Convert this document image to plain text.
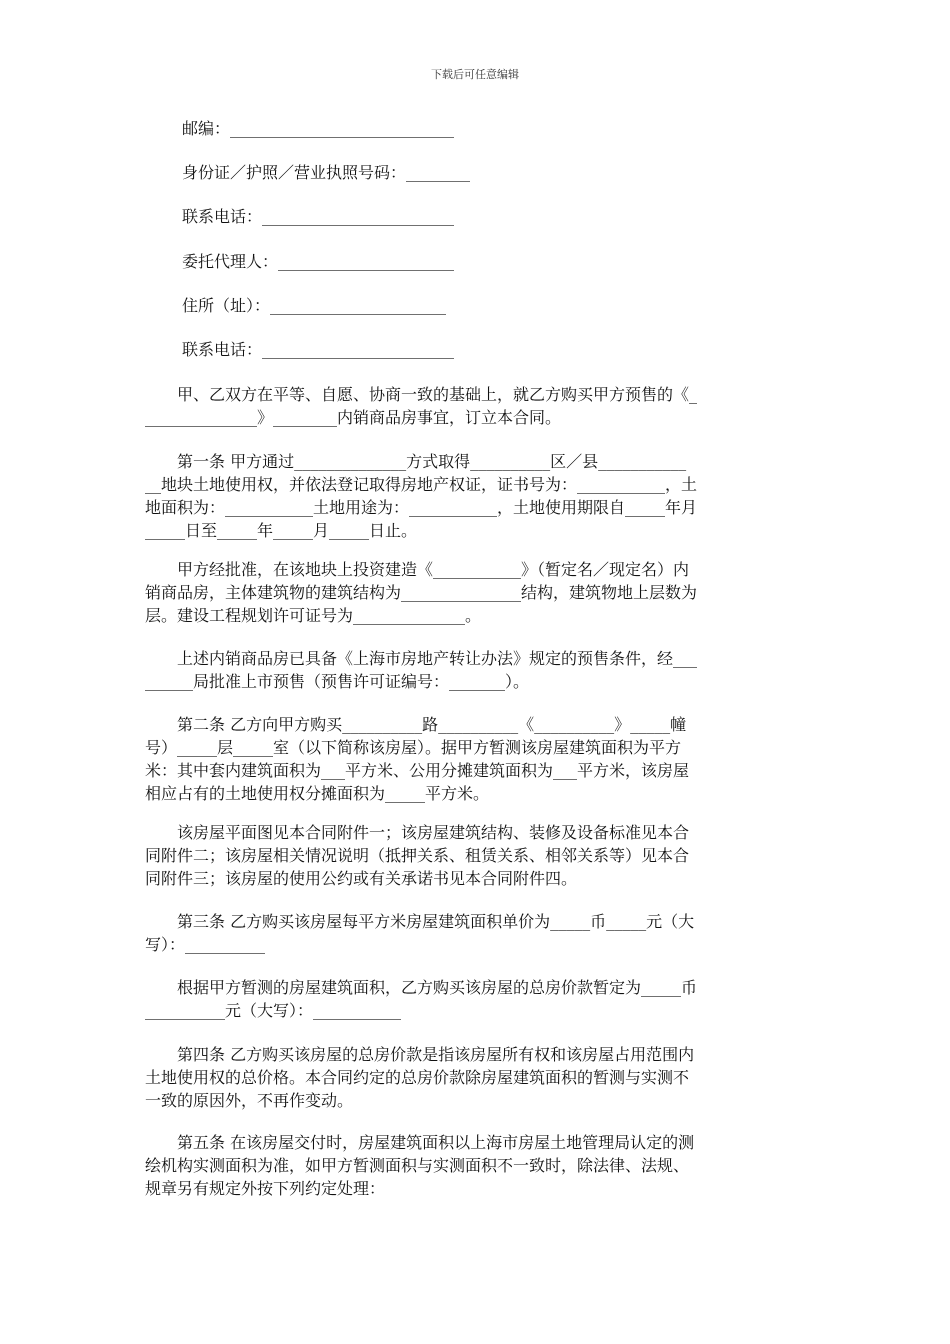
下载后可任意编辑
邮编：____________________________
身份证／护照／营业执照号码：________
联系电话：________________________
委托代理人：______________________
住所（址）：______________________
联系电话：________________________
　　甲、乙双方在平等、自愿、协商一致的基础上，就乙方购买甲方预售的《_
______________》________内销商品房事宜，订立本合同。
　　第一条 甲方通过______________方式取得__________区／县___________
__地块土地使用权，并依法登记取得房地产权证，证书号为：___________，土
地面积为：___________土地用途为：___________，土地使用期限自_____年月
_____日至_____年_____月_____日止。
　　甲方经批准，在该地块上投资建造《___________》（暂定名／现定名）内
销商品房，主体建筑物的建筑结构为_______________结构，建筑物地上层数为
层。建设工程规划许可证号为______________。
　　上述内销商品房已具备《上海市房地产转让办法》规定的预售条件，经___
______局批准上市预售（预售许可证编号：_______）。
　　第二条 乙方向甲方购买__________路__________《__________》_____幢
号）_____层_____室（以下简称该房屋）。据甲方暂测该房屋建筑面积为平方
米：其中套内建筑面积为___平方米、公用分摊建筑面积为___平方米，该房屋
相应占有的土地使用权分摊面积为_____平方米。
　　该房屋平面图见本合同附件一；该房屋建筑结构、装修及设备标准见本合
同附件二；该房屋相关情况说明（抵押关系、租赁关系、相邻关系等）见本合
同附件三；该房屋的使用公约或有关承诺书见本合同附件四。
　　第三条 乙方购买该房屋每平方米房屋建筑面积单价为_____币_____元（大
写）：__________
　　根据甲方暂测的房屋建筑面积，乙方购买该房屋的总房价款暂定为_____币
__________元（大写）：___________
　　第四条 乙方购买该房屋的总房价款是指该房屋所有权和该房屋占用范围内
土地使用权的总价格。本合同约定的总房价款除房屋建筑面积的暂测与实测不
一致的原因外，不再作变动。
　　第五条 在该房屋交付时，房屋建筑面积以上海市房屋土地管理局认定的测
绘机构实测面积为准，如甲方暂测面积与实测面积不一致时，除法律、法规、
规章另有规定外按下列约定处理：
